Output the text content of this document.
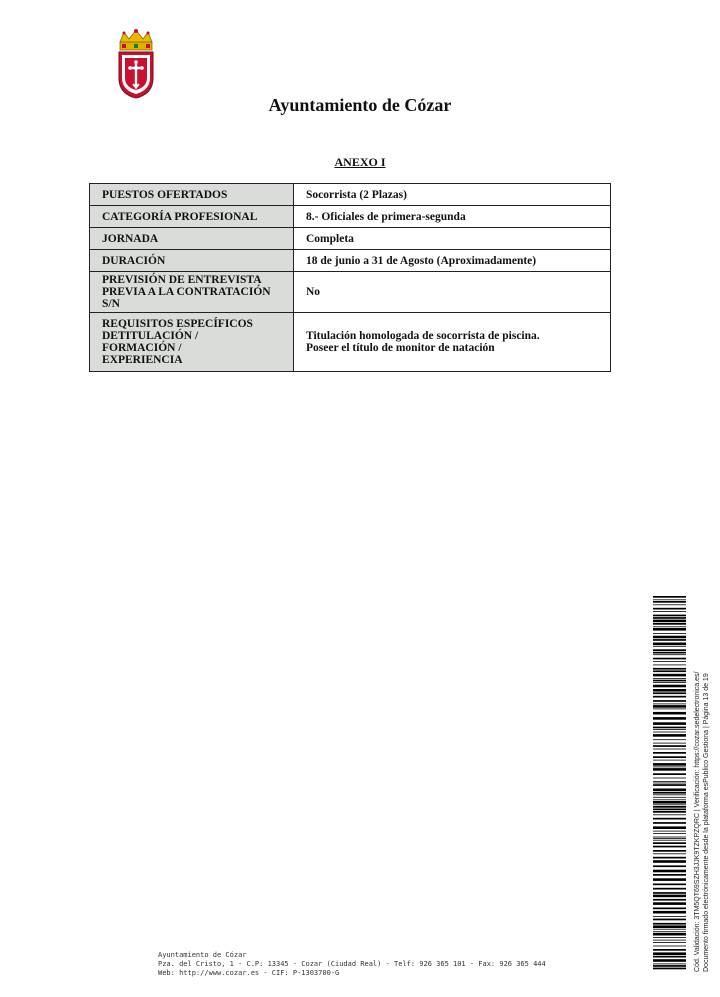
Ayuntamiento de Cózar
ANEXO I
PUESTOS OFERTADOS	Socorrista (2 Plazas)
CATEGORÍA PROFESIONAL	8.- Oficiales de primera-segunda
JORNADA	Completa
DURACIÓN	18 de junio a 31 de Agosto (Aproximadamente)

PREVISIÓN DE ENTREVISTA
PREVIA A LA CONTRATACIÓN S/N	No

REQUISITOS ESPECÍFICOS
DETITULACIÓN /
FORMACIÓN /
EXPERIENCIA	Titulación homologada de socorrista de piscina.
Poseer el título de monitor de natación
Cód. Validación: 3TM5QT69SZH3JJK9TZKPZQRC | Verificación: https://cozar.sedelectronica.es/ Documento firmado electrónicamente desde la plataforma esPublico Gestiona | Página 13 de 19
Ayuntamiento de Cózar
Pza. del Cristo, 1 - C.P: 13345 - Cozar (Ciudad Real) - Telf: 926 365 101 - Fax: 926 365 444
Web: http://www.cozar.es - CIF: P-1303700-G
